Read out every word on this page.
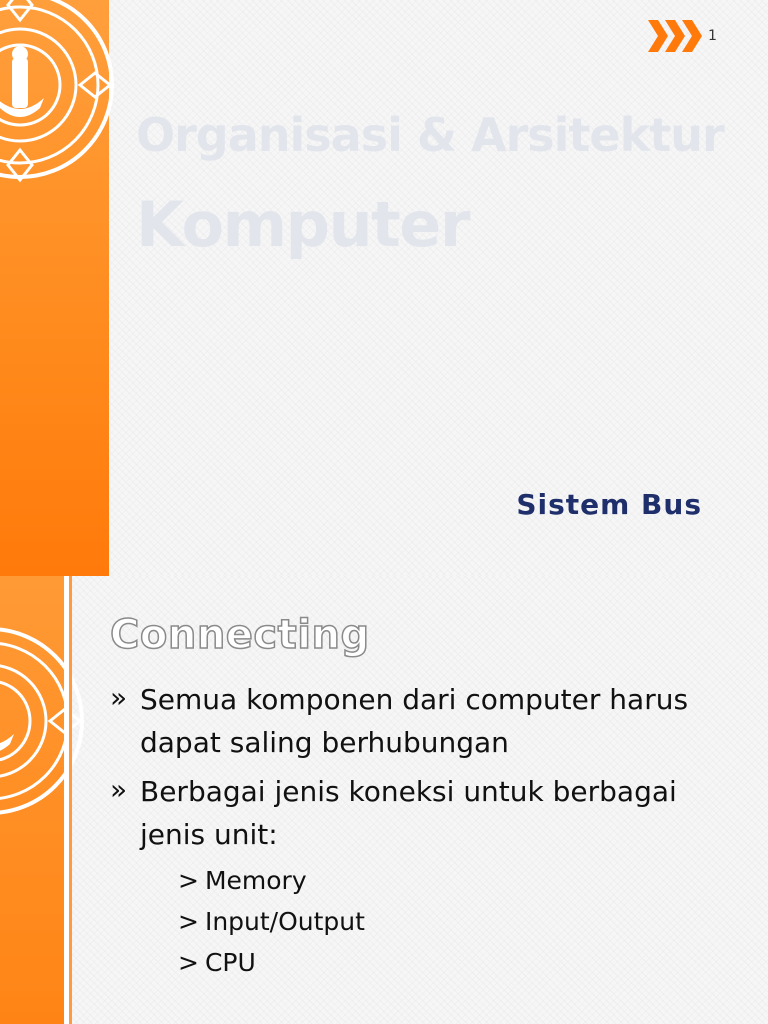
1
Organisasi & Arsitektur
Komputer
Sistem Bus
Connecting
» Semua komponen dari computer harus dapat saling berhubungan
» Berbagai jenis koneksi untuk berbagai jenis unit:
> Memory
> Input/Output
> CPU
